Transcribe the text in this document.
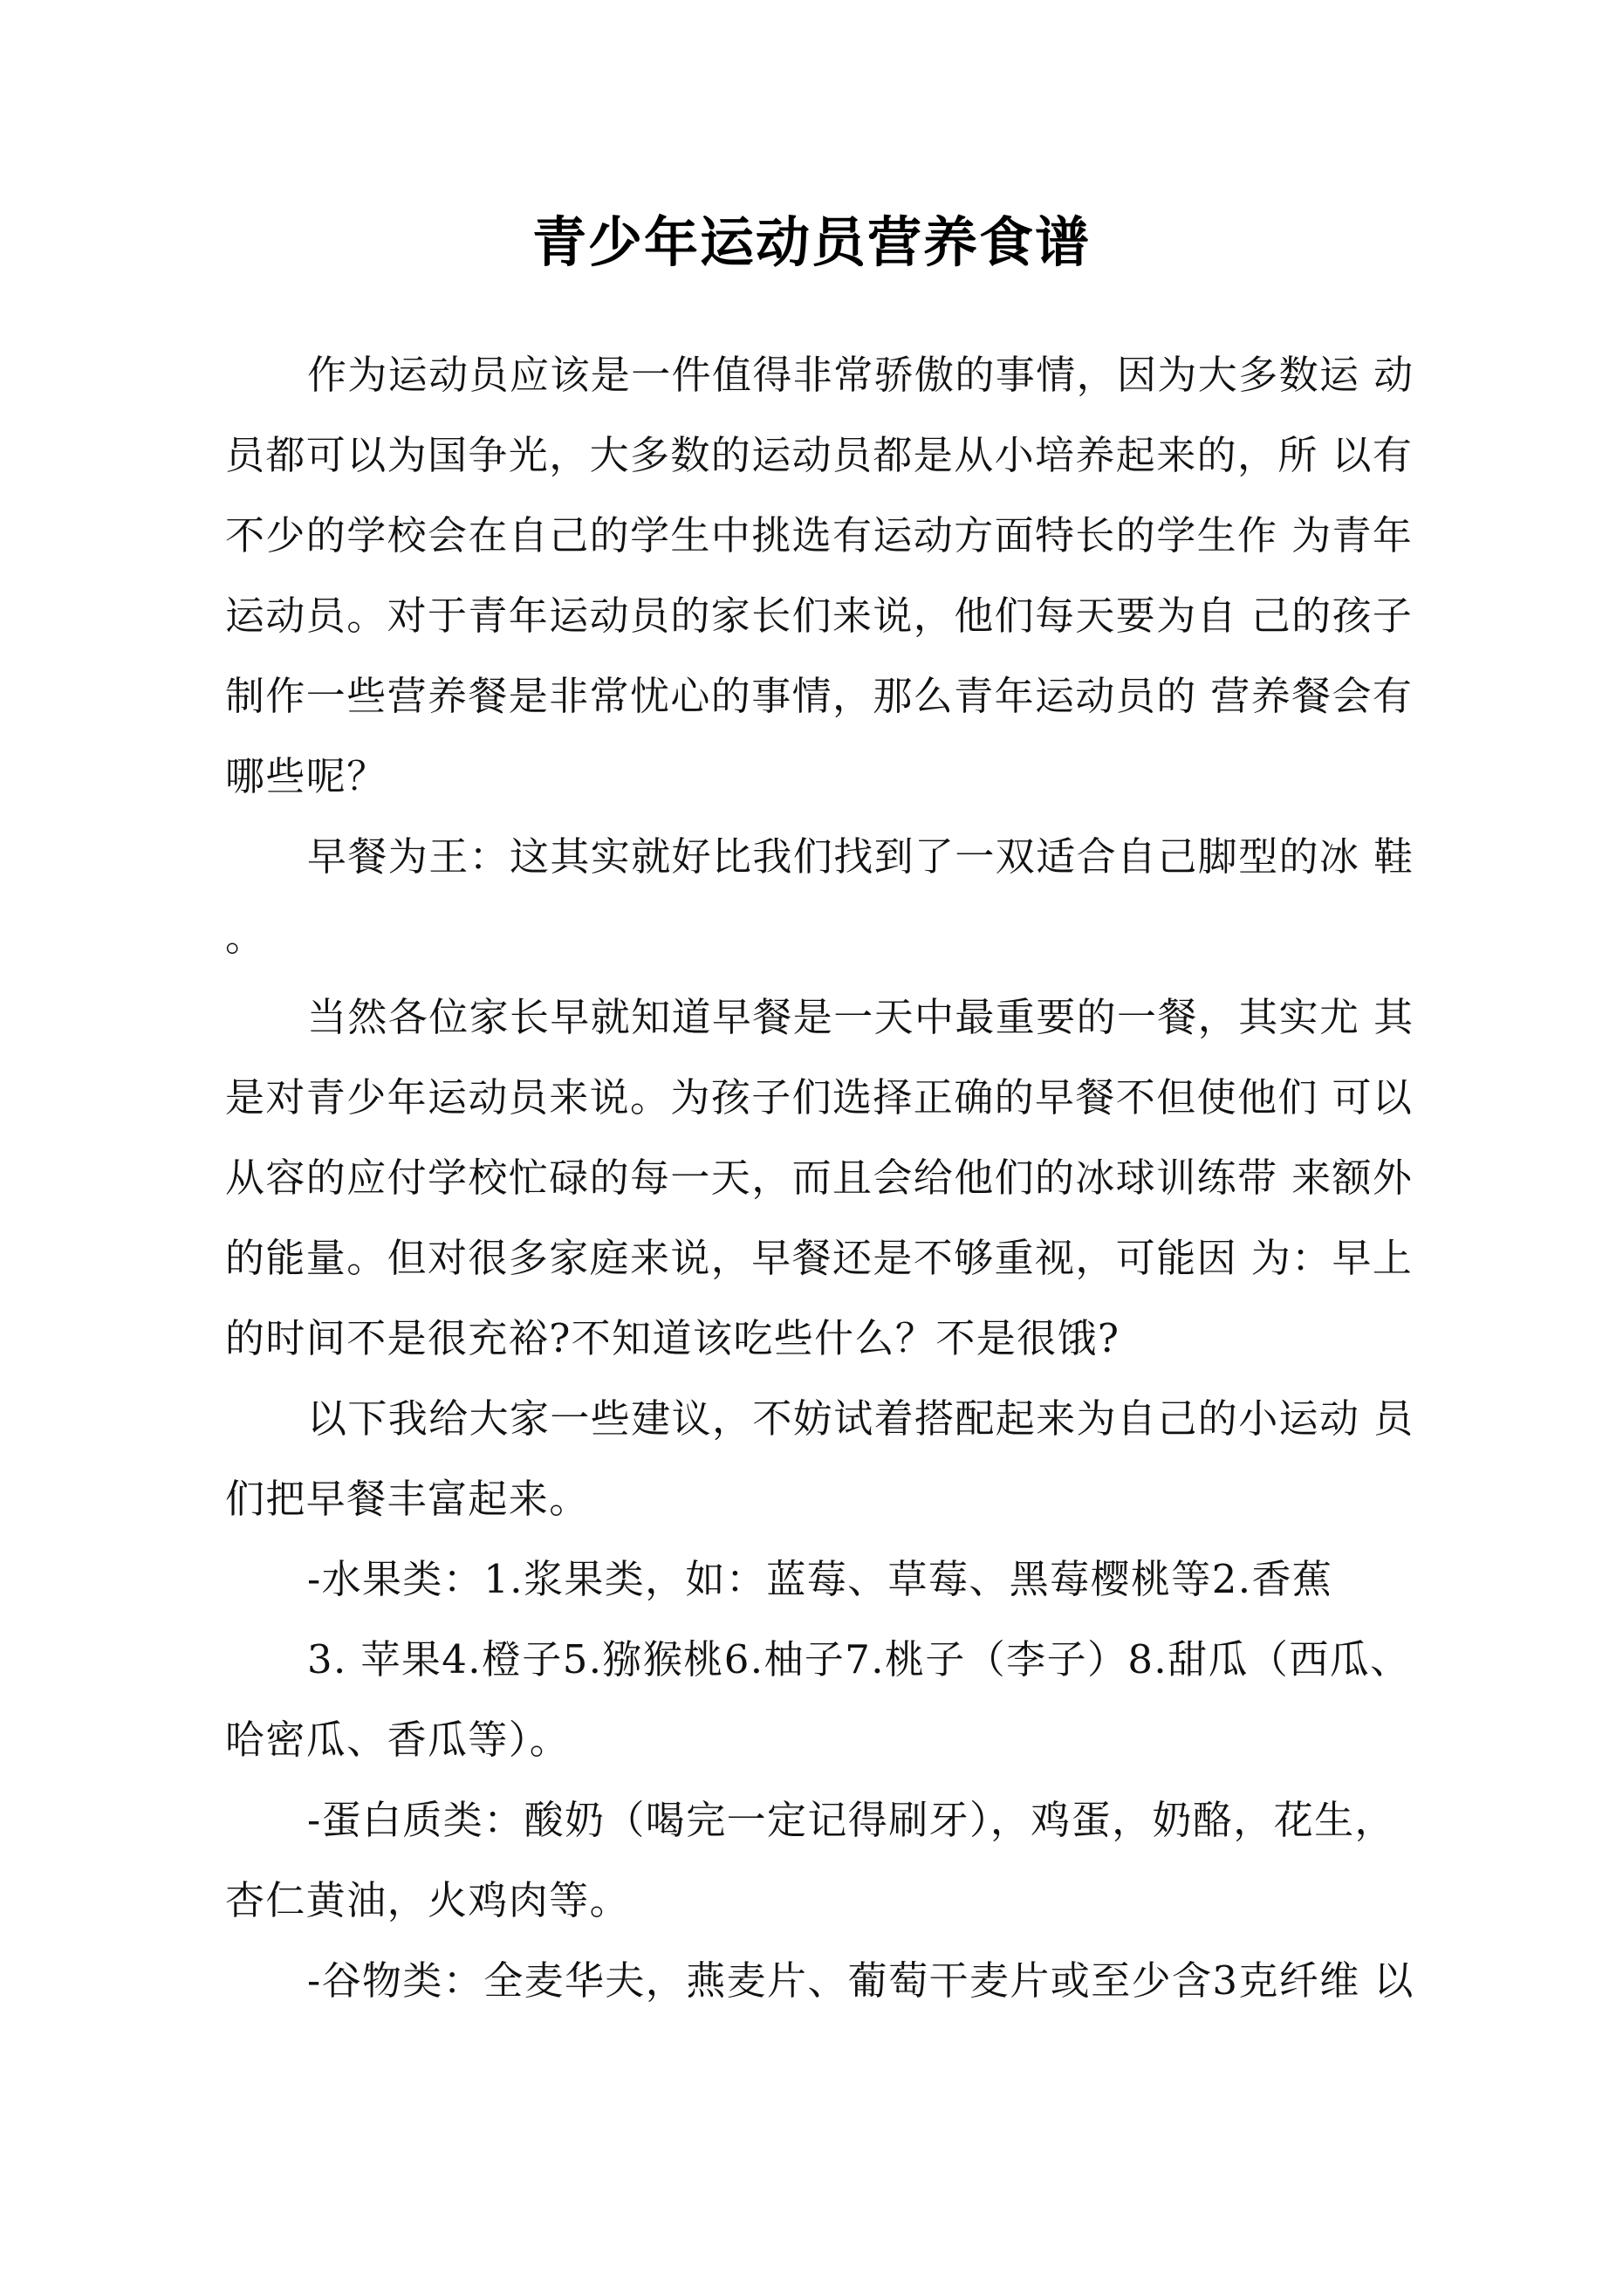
青少年运动员营养食谱
作为运动员应该是一件值得非常骄傲的事情，因为大多数运 动
员都可以为国争光，大多数的运动员都是从小培养起来的，所 以有
不少的学校会在自己的学生中挑选有运动方面特长的学生作 为青年
运动员。对于青年运动员的家长们来说，他们每天要为自 己的孩子
制作一些营养餐是非常忧心的事情，那么青年运动员的 营养餐会有
哪些呢？
早餐为王：这其实就好比我们找到了一双适合自己脚型的冰 鞋
。
当然各位家长早就知道早餐是一天中最重要的一餐，其实尤 其
是对青少年运动员来说。为孩子们选择正确的早餐不但使他们 可以
从容的应付学校忙碌的每一天，而且会给他们的冰球训练带 来额外
的能量。但对很多家庭来说，早餐还是不够重视，可能因 为：早上
的时间不是很充裕?不知道该吃些什么？不是很饿?
以下我给大家一些建议，不妨试着搭配起来为自己的小运动 员
们把早餐丰富起来。
-水果类：1.浆果类，如：蓝莓、草莓、黑莓樱桃等2.香蕉
3. 苹果4.橙子5.猕猴桃6.柚子7.桃子（李子）8.甜瓜（西瓜、
哈密瓜、香瓜等）。
-蛋白质类：酸奶（喝完一定记得刷牙），鸡蛋，奶酪，花生，
杏仁黄油，火鸡肉等。
-谷物类：全麦华夫，燕麦片、葡萄干麦片或至少含3克纤维 以
